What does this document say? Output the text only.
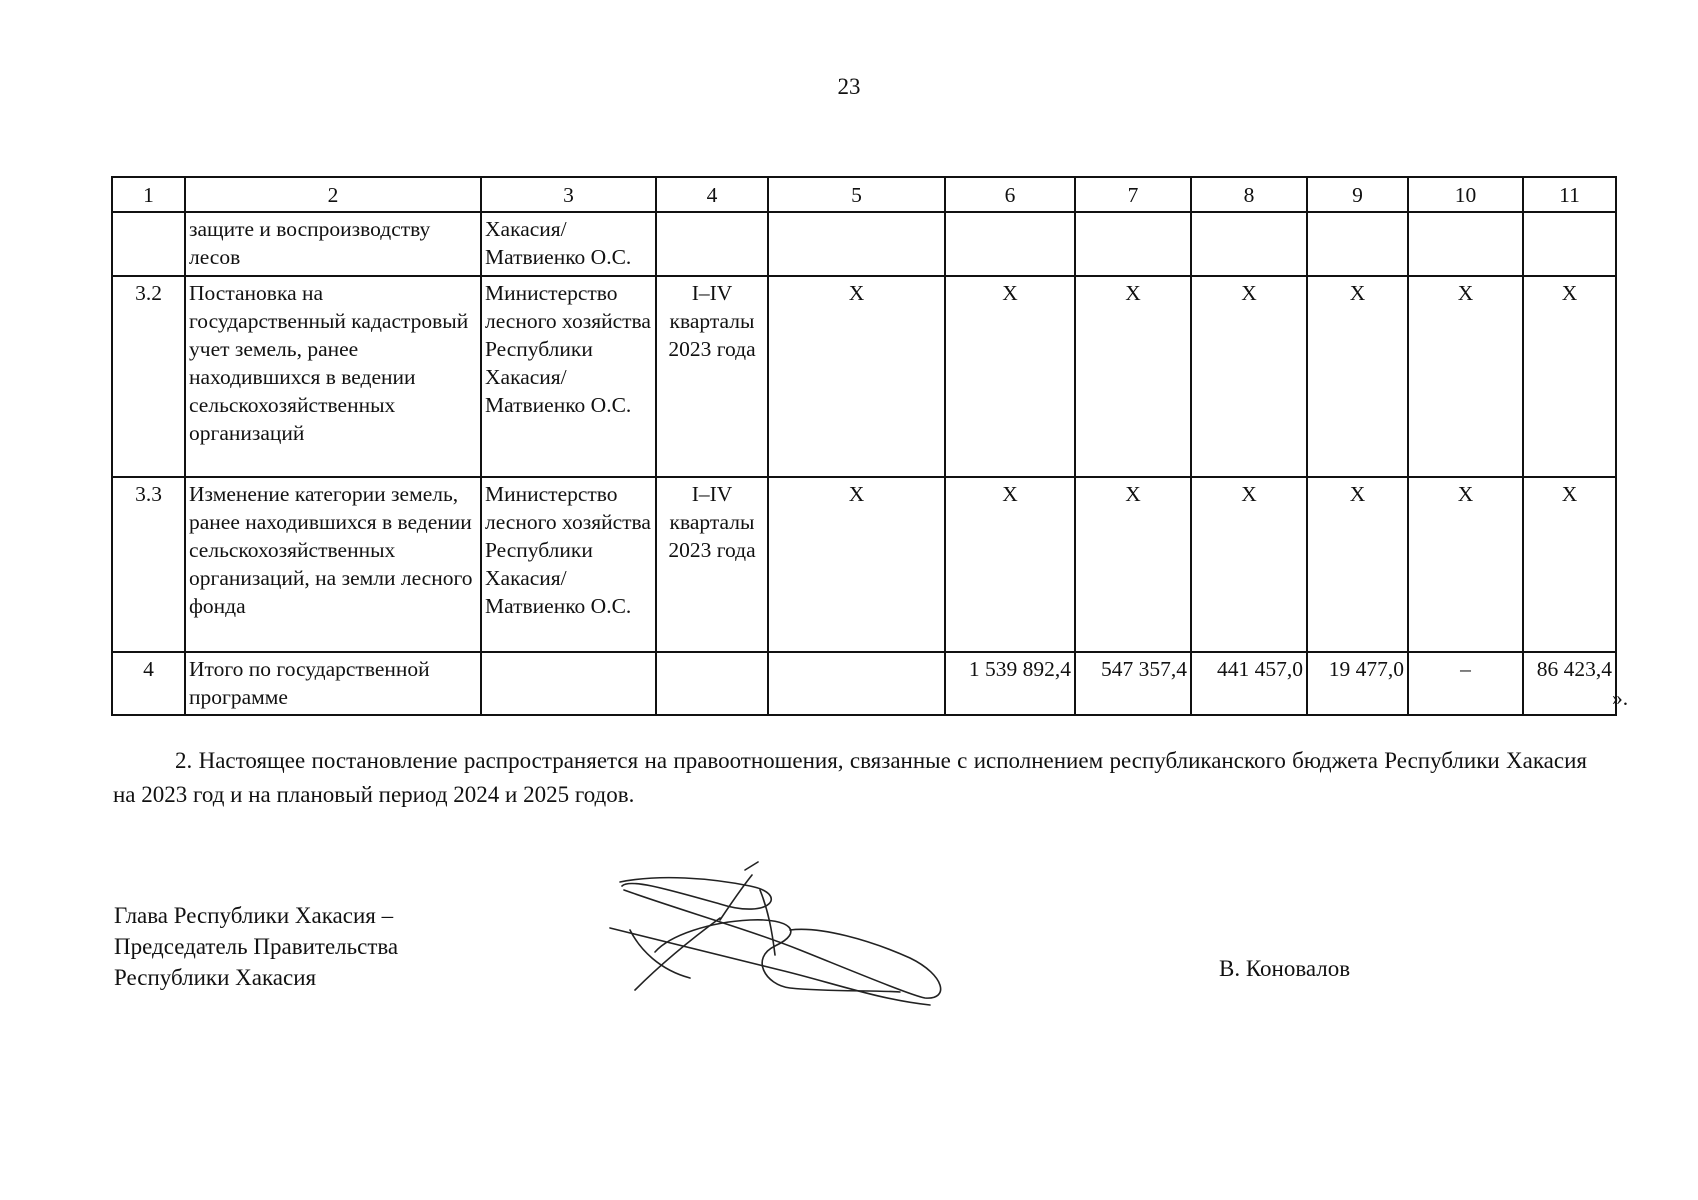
23
1	2	3	4	5	6	7	8	9	10	11
	защите и воспроизводству лесов	Хакасия/ Матвиенко О.С.								
3.2	Постановка на государственный кадастровый учет земель, ранее находившихся в ведении сельскохозяйственных организаций	Министерство лесного хозяйства Республики Хакасия/ Матвиенко О.С.	I–IV кварталы 2023 года	X	X	X	X	X	X	X
3.3	Изменение категории земель, ранее находившихся в ведении сельскохозяйственных организаций, на земли лесного фонда	Министерство лесного хозяйства Республики Хакасия/ Матвиенко О.С.	I–IV кварталы 2023 года	X	X	X	X	X	X	X
4	Итого по государственной программе				1 539 892,4	547 357,4	441 457,0	19 477,0	–	86 423,4
».
2. Настоящее постановление распространяется на правоотношения, связанные с исполнением республиканского бюджета Республики Хакасия на 2023 год и на плановый период 2024 и 2025 годов.
Глава Республики Хакасия –
Председатель Правительства
Республики Хакасия	В. Коновалов
